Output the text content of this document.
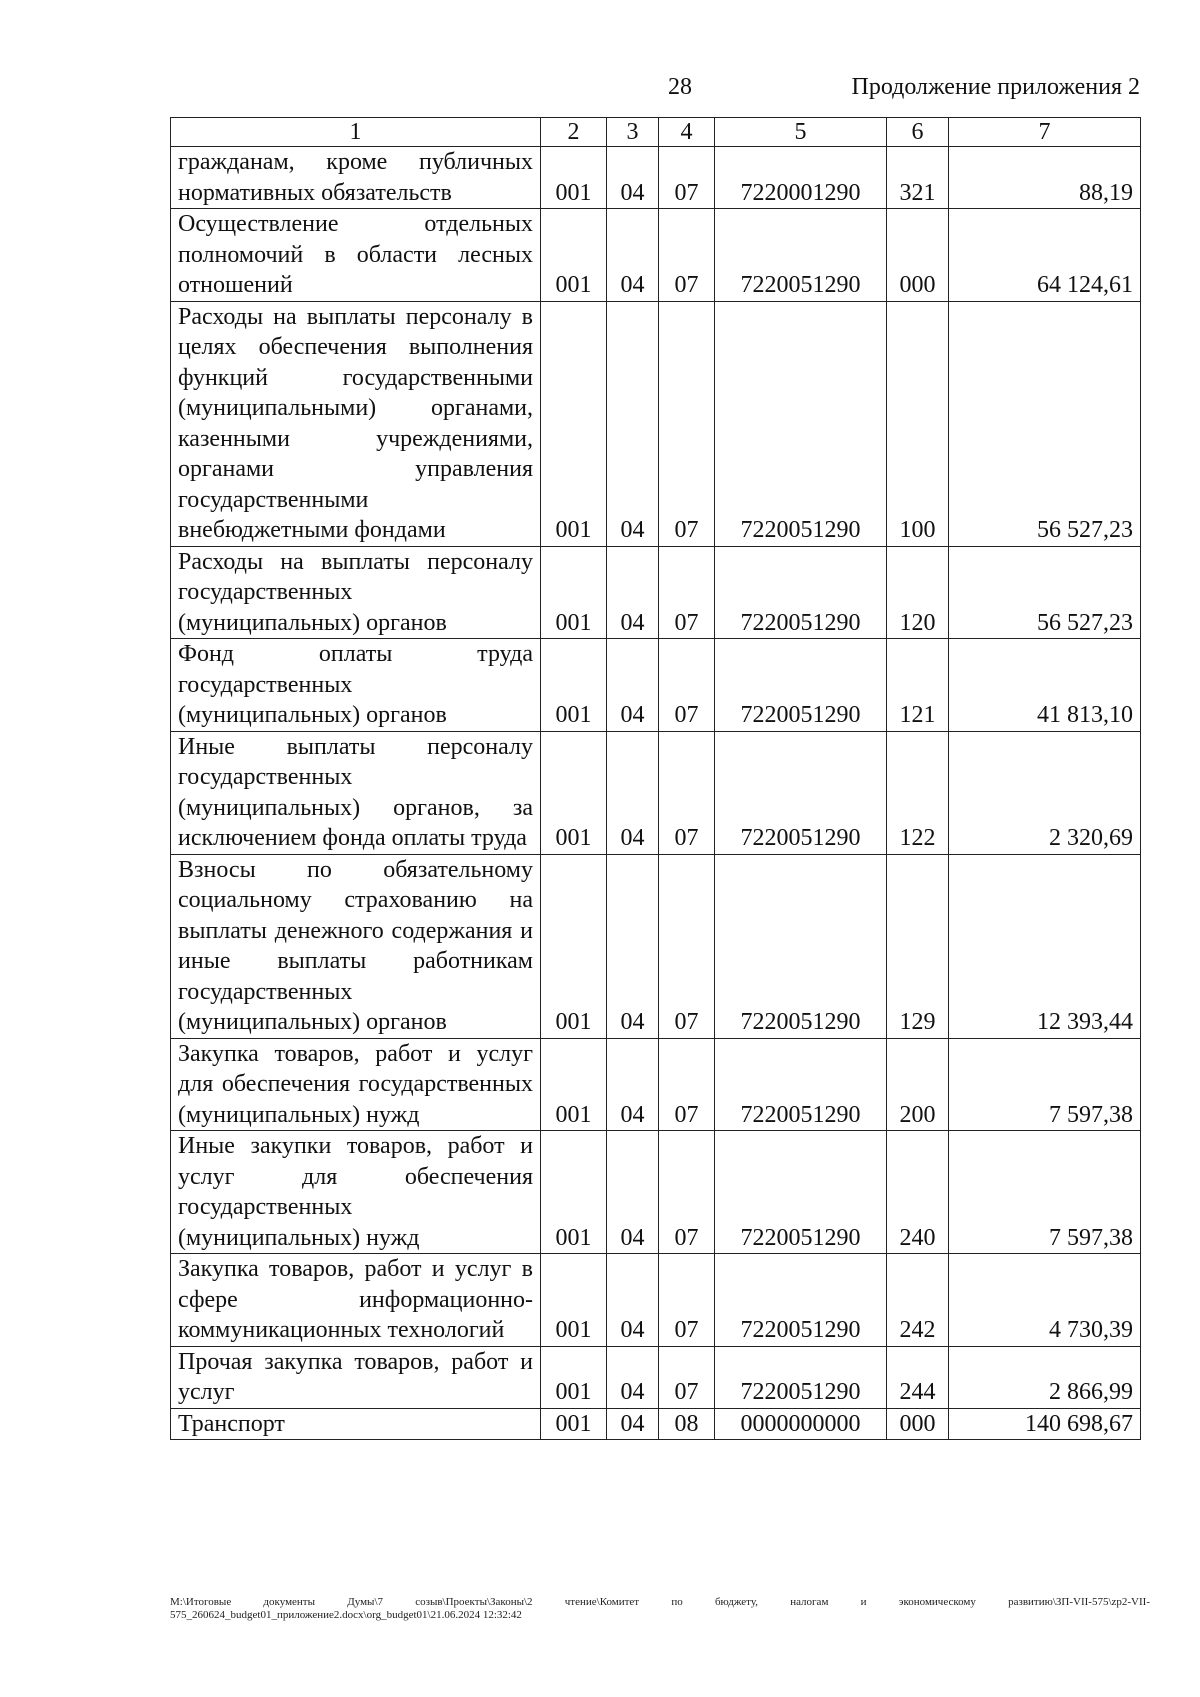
28	Продолжение приложения 2
1	2	3	4	5	6	7
гражданам, кроме публичных нормативных обязательств	001	04	07	7220001290	321	88,19
Осуществление отдельных полномочий в области лесных отношений	001	04	07	7220051290	000	64 124,61
Расходы на выплаты персоналу в целях обеспечения выполнения функций государственными (муниципальными) органами, казенными учреждениями, органами управления государственными внебюджетными фондами	001	04	07	7220051290	100	56 527,23
Расходы на выплаты персоналу государственных (муниципальных) органов	001	04	07	7220051290	120	56 527,23
Фонд оплаты труда государственных (муниципальных) органов	001	04	07	7220051290	121	41 813,10
Иные выплаты персоналу государственных (муниципальных) органов, за исключением фонда оплаты труда	001	04	07	7220051290	122	2 320,69
Взносы по обязательному социальному страхованию на выплаты денежного содержания и иные выплаты работникам государственных (муниципальных) органов	001	04	07	7220051290	129	12 393,44
Закупка товаров, работ и услуг для обеспечения государственных (муниципальных) нужд	001	04	07	7220051290	200	7 597,38
Иные закупки товаров, работ и услуг для обеспечения государственных (муниципальных) нужд	001	04	07	7220051290	240	7 597,38
Закупка товаров, работ и услуг в сфере информационно-коммуникационных технологий	001	04	07	7220051290	242	4 730,39
Прочая закупка товаров, работ и услуг	001	04	07	7220051290	244	2 866,99
Транспорт	001	04	08	0000000000	000	140 698,67
М:\Итоговые документы Думы\7 созыв\Проекты\Законы\2 чтение\Комитет по бюджету, налогам и экономическому развитию\ЗП-VII-575\zp2-VII-575_260624_budget01_приложение2.docx\org_budget01\21.06.2024 12:32:42
